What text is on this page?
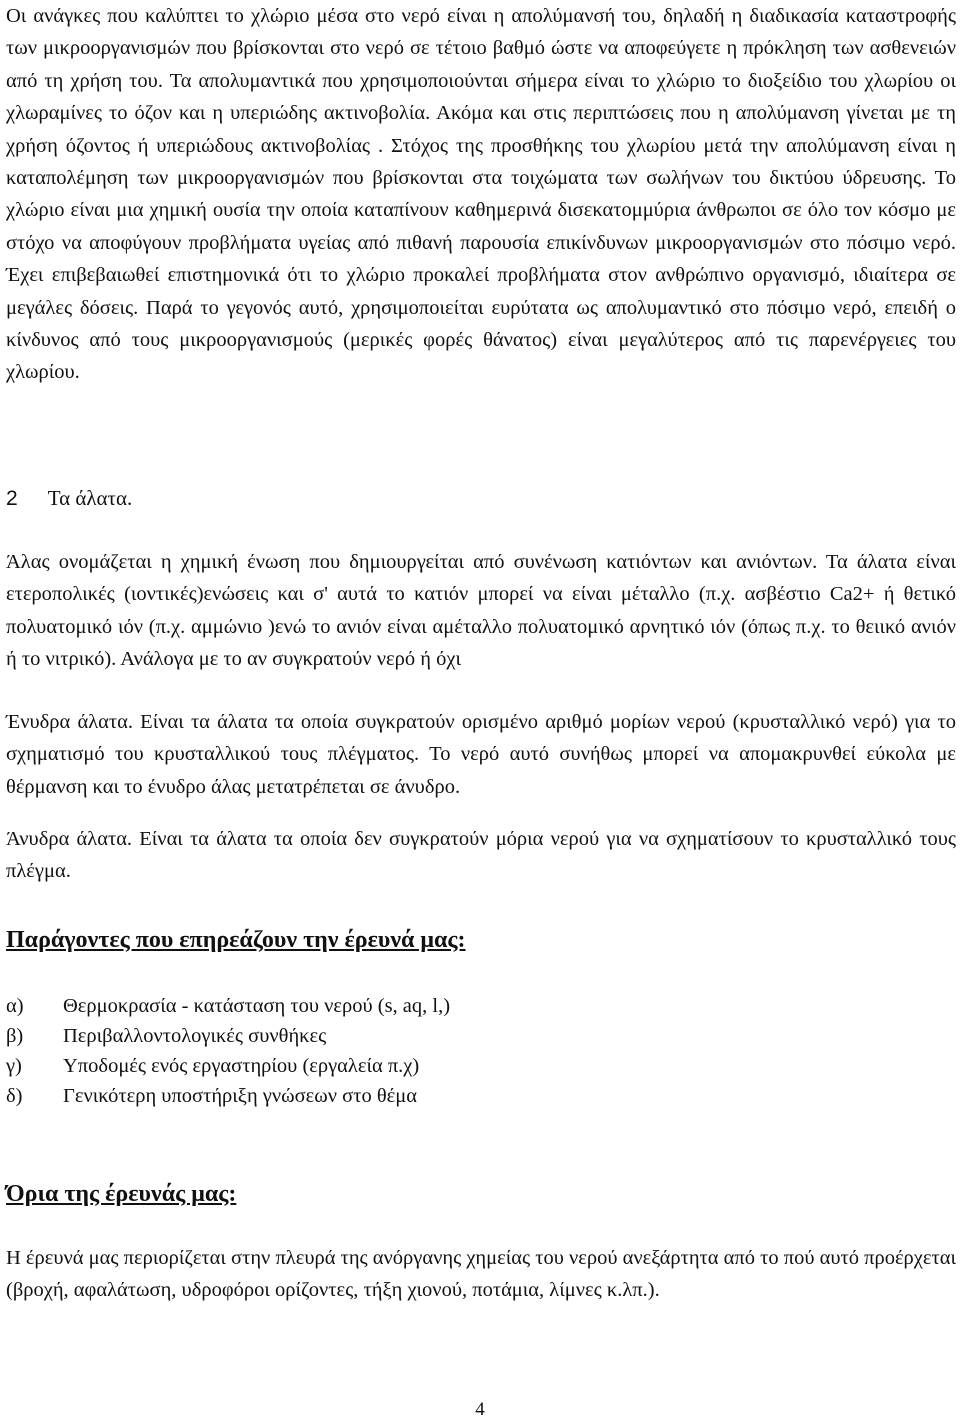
Οι ανάγκες που καλύπτει το χλώριο μέσα στο νερό είναι η απολύμανσή του, δηλαδή η διαδικασία καταστροφής των μικροοργανισμών που βρίσκονται στο νερό σε τέτοιο βαθμό ώστε να αποφεύγετε η πρόκληση των ασθενειών από τη χρήση του. Τα απολυμαντικά που χρησιμοποιούνται σήμερα είναι το χλώριο το διοξείδιο του χλωρίου οι χλωραμίνες το όζον και η υπεριώδης ακτινοβολία. Ακόμα και στις περιπτώσεις που η απολύμανση γίνεται με τη χρήση όζοντος ή υπεριώδους ακτινοβολίας . Στόχος της προσθήκης του χλωρίου μετά την απολύμανση είναι η καταπολέμηση των μικροοργανισμών που βρίσκονται στα τοιχώματα των σωλήνων του δικτύου ύδρευσης. Το χλώριο είναι μια χημική ουσία την οποία καταπίνουν καθημερινά δισεκατομμύρια άνθρωποι σε όλο τον κόσμο με στόχο να αποφύγουν προβλήματα υγείας από πιθανή παρουσία επικίνδυνων μικροοργανισμών στο πόσιμο νερό. Έχει επιβεβαιωθεί επιστημονικά ότι το χλώριο προκαλεί προβλήματα στον ανθρώπινο οργανισμό, ιδιαίτερα σε μεγάλες δόσεις. Παρά το γεγονός αυτό, χρησιμοποιείται ευρύτατα ως απολυμαντικό στο πόσιμο νερό, επειδή ο κίνδυνος από τους μικροοργανισμούς (μερικές φορές θάνατος) είναι μεγαλύτερος από τις παρενέργειες του χλωρίου.

2 Τα άλατα.

Άλας ονομάζεται η χημική ένωση που δημιουργείται από συνένωση κατιόντων και ανιόντων. Τα άλατα είναι ετεροπολικές (ιοντικές)ενώσεις και σ' αυτά το κατιόν μπορεί να είναι μέταλλο (π.χ. ασβέστιο Ca2+ ή θετικό πολυατομικό ιόν (π.χ. αμμώνιο )ενώ το ανιόν είναι αμέταλλο πολυατομικό αρνητικό ιόν (όπως π.χ. το θειικό ανιόν ή το νιτρικό). Ανάλογα με το αν συγκρατούν νερό ή όχι

Ένυδρα άλατα. Είναι τα άλατα τα οποία συγκρατούν ορισμένο αριθμό μορίων νερού (κρυσταλλικό νερό) για το σχηματισμό του κρυσταλλικού τους πλέγματος. Το νερό αυτό συνήθως μπορεί να απομακρυνθεί εύκολα με θέρμανση και το ένυδρο άλας μετατρέπεται σε άνυδρο.

Άνυδρα άλατα. Είναι τα άλατα τα οποία δεν συγκρατούν μόρια νερού για να σχηματίσουν το κρυσταλλικό τους πλέγμα.

Παράγοντες που επηρεάζουν την έρευνά μας:
α) Θερμοκρασία - κατάσταση του νερού (s, aq, l,)
β) Περιβαλλοντολογικές συνθήκες
γ) Υποδομές ενός εργαστηρίου (εργαλεία π.χ)
δ) Γενικότερη υποστήριξη γνώσεων στο θέμα
Όρια της έρευνάς μας:

Η έρευνά μας περιορίζεται στην πλευρά της ανόργανης χημείας του νερού ανεξάρτητα από το πού αυτό προέρχεται (βροχή, αφαλάτωση, υδροφόροι ορίζοντες, τήξη χιονού, ποτάμια, λίμνες κ.λπ.).

4
